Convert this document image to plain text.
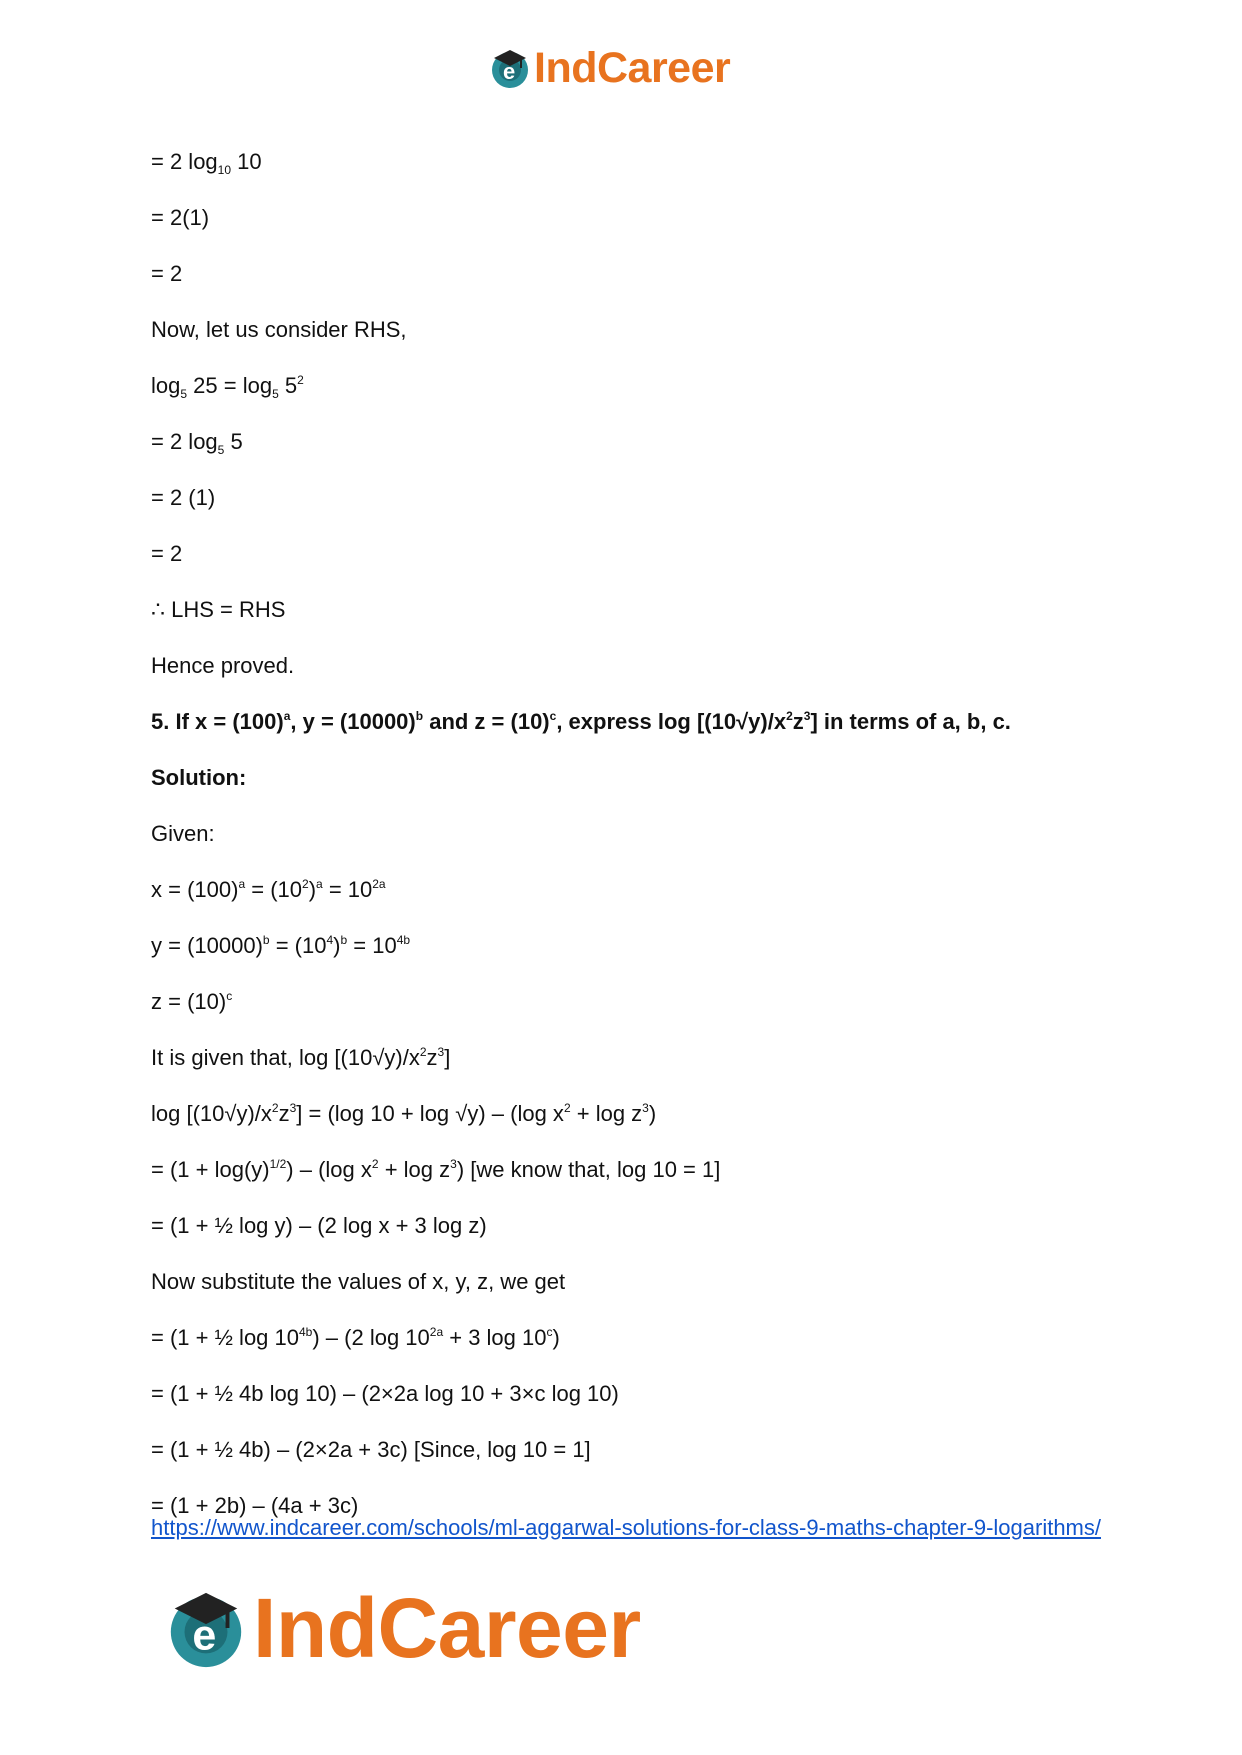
e IndCareer
= 2 $\log_{10} 10$
= 2(1)
= 2
Now, let us consider RHS,
$\log_5 25 = \log_5 5^2$
= 2 $\log_5 5$
= 2 (1)
= 2
∴ LHS = RHS
Hence proved.
5. If $x = (100)^a$, $y = (10000)^b$ and $z = (10)^c$, express $\log [(10√y)/x^2z^3]$ in terms of a, b, c.
Solution:
Given:
$x = (100)^a = (10^2)^a = 10^{2a}$
$y = (10000)^b = (10^4)^b = 10^{4b}$
$z = (10)^c$
It is given that, $\log [(10√y)/x^2z^3]$
$\log [(10√y)/x^2z^3] = (\log$ 10 + log √y) – (log $x^2 + \log z^3$)
= $(1 + \log(y)^{1/2}) - (\log$ $x^2 + \log z^3$) [we know that, log 10 = 1]
= (1 + ½ log y) – (2 log x + 3 log z)
Now substitute the values of x, y, z, we get
= (1 + ½ $\log 10^{4b}) - (2$ $\log 10^{2a} + 3$ $\log 10^c$)
= (1 + ½ 4b log 10) – (2×2a log 10 + 3×c log 10)
= (1 + ½ 4b) – (2×2a + 3c) [Since, log 10 = 1]
= (1 + 2b) – (4a + 3c)
https://www.indcareer.com/schools/ml-aggarwal-solutions-for-class-9-maths-chapter-9-logarithms/
e IndCareer
